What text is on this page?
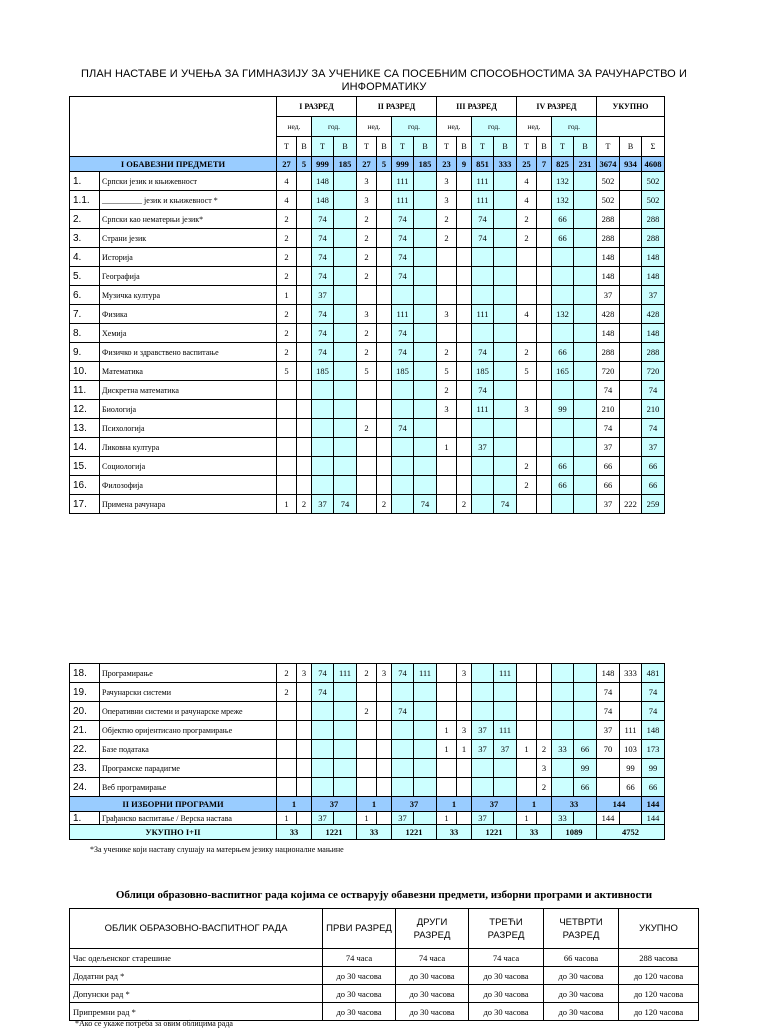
ПЛАН НАСТАВЕ И УЧЕЊА ЗА ГИМНАЗИЈУ ЗА УЧЕНИКЕ СА ПОСЕБНИМ СПОСОБНОСТИМА ЗА РАЧУНАРСТВО И ИНФОРМАТИКУ
		I РАЗРЕД				II РАЗРЕД				III РАЗРЕД				IV РАЗРЕД				УКУПНО		
		нед.		год.		нед.		год.		нед.		год.		нед.		год.				
		Т	В	Т	В	Т	В	Т	В	Т	В	Т	В	Т	В	Т	В	Т	В	Σ
I ОБАВЕЗНИ ПРЕДМЕТИ		27	5	999	185	27	5	999	185	23	9	851	333	25	7	825	231	3674	934	4608
1.	Српски језик и књижевност	4		148		3		111		3		111		4		132		502		502
1.1.	__________ језик и књижевност *	4		148		3		111		3		111		4		132		502		502
2.	Српски као нематерњи језик*	2		74		2		74		2		74		2		66		288		288
3.	Страни језик	2		74		2		74		2		74		2		66		288		288
4.	Историја	2		74		2		74										148		148
5.	Географија	2		74		2		74										148		148
6.	Музичка култура	1		37														37		37
7.	Физика	2		74		3		111		3		111		4		132		428		428
8.	Хемија	2		74		2		74										148		148
9.	Физичко и здравствено васпитање	2		74		2		74		2		74		2		66		288		288
10.	Математика	5		185		5		185		5		185		5		165		720		720
11.	Дискретна математика									2		74						74		74
12.	Биологија									3		111		3		99		210		210
13.	Психологија					2		74										74		74
14.	Ликовна култура									1		37						37		37
15.	Социологија													2		66		66		66
16.	Филозофија													2		66		66		66
17.	Примена рачунара	1	2	37	74		2		74		2		74					37	222	259
18.	Програмирање	2	3	74	111	2	3	74	111		3		111					148	333	481
19.	Рачунарски системи	2		74														74		74
20.	Оперативни системи и рачунарске мреже					2		74										74		74
21.	Објектно оријентисано програмирање									1	3	37	111					37	111	148
22.	Базе података									1	1	37	37	1	2	33	66	70	103	173
23.	Програмске парадигме														3		99		99	99
24.	Веб програмирање														2		66		66	66
II ИЗБОРНИ ПРОГРАМИ		1		37		1		37		1		37		1		33		144		144
1.	Грађанско васпитање / Верска настава	1		37		1		37		1		37		1		33		144		144
УКУПНО I+II		33		1221		33		1221		33		1221		33		1089		4752		
*За ученике који наставу слушају на матерњем језику националне мањине
Облици образовно-васпитног рада којима се остварују обавезни предмети, изборни програми и активности
ОБЛИК ОБРАЗОВНО-ВАСПИТНОГ РАДА	ПРВИ РАЗРЕД	ДРУГИ РАЗРЕД	ТРЕЋИ РАЗРЕД	ЧЕТВРТИ РАЗРЕД	УКУПНО
Час одељенског старешине	74 часа	74 часа	74 часа	66 часова	288 часова
Додатни рад *	до 30 часова	до 30 часова	до 30 часова	до 30 часова	до 120 часова
Допунски рад *	до 30 часова	до 30 часова	до 30 часова	до 30 часова	до 120 часова
Припремни рад *	до 30 часова	до 30 часова	до 30 часова	до 30 часова	до 120 часова
*Ако се укаже потреба за овим облицима рада
